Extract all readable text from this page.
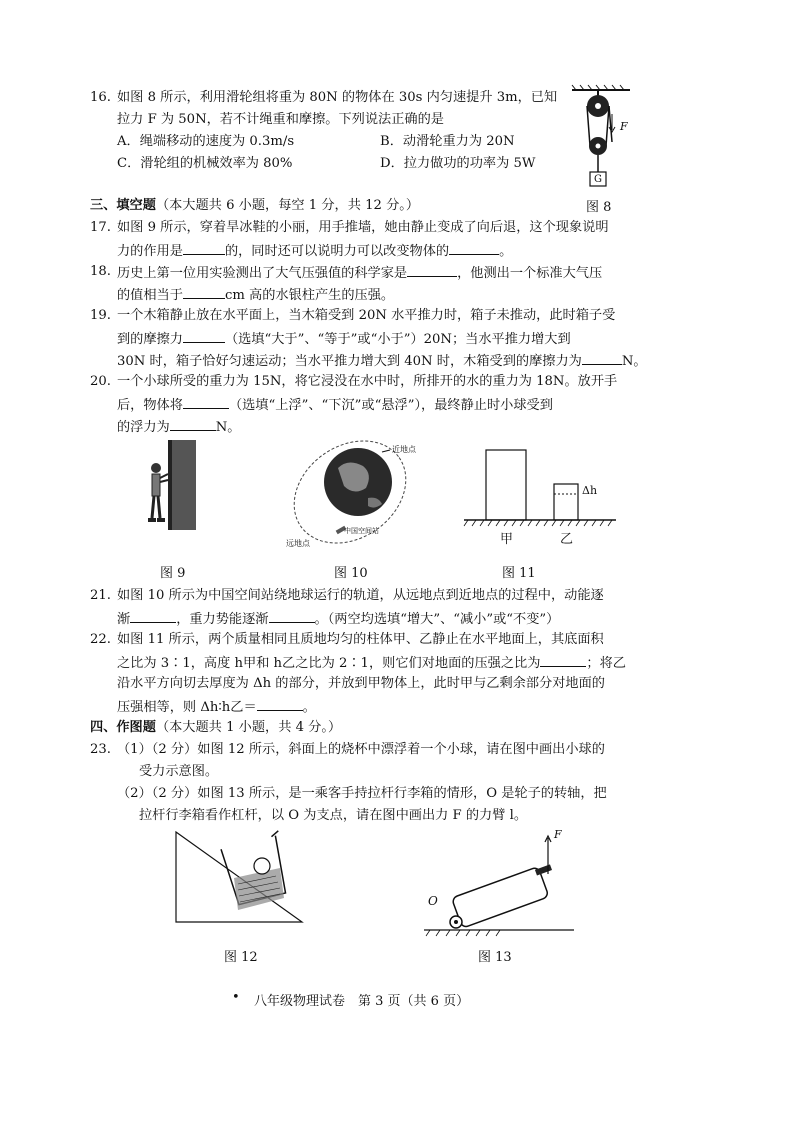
16. 如图 8 所示，利用滑轮组将重为 80N 的物体在 30s 内匀速提升 3m，已知
拉力 F 为 50N，若不计绳重和摩擦。下列说法正确的是
A．绳端移动的速度为 0.3m/s	B．动滑轮重力为 20N
C．滑轮组的机械效率为 80%	D．拉力做功的功率为 5W
F
G
图 8
三、填空题（本大题共 6 小题，每空 1 分，共 12 分。）
17. 如图 9 所示，穿着旱冰鞋的小丽，用手推墙，她由静止变成了向后退，这个现象说明
力的作用是	的，同时还可以说明力可以改变物体的	。
18. 历史上第一位用实验测出了大气压强值的科学家是	，他测出一个标准大气压
的值相当于	cm 高的水银柱产生的压强。
19. 一个木箱静止放在水平面上，当木箱受到 20N 水平推力时，箱子未推动，此时箱子受
到的摩擦力	（选填“大于”、“等于”或“小于”）20N；当水平推力增大到
30N 时，箱子恰好匀速运动；当水平推力增大到 40N 时，木箱受到的摩擦力为	N。
20. 一个小球所受的重力为 15N，将它浸没在水中时，所排开的水的重力为 18N。放开手
后，物体将	（选填“上浮”、“下沉”或“悬浮”），最终静止时小球受到
的浮力为	N。
图 9
近地点
中国空间站
远地点
图 10
Δh
甲	乙
图 11
21. 如图 10 所示为中国空间站绕地球运行的轨道，从远地点到近地点的过程中，动能逐
渐	，重力势能逐渐	。（两空均选填“增大”、“减小”或“不变”）
22. 如图 11 所示，两个质量相同且质地均匀的柱体甲、乙静止在水平地面上，其底面积
之比为 3∶1，高度 h甲和 h乙之比为 2∶1，则它们对地面的压强之比为	；将乙
沿水平方向切去厚度为 Δh 的部分，并放到甲物体上，此时甲与乙剩余部分对地面的
压强相等，则 Δh∶h乙＝	。
四、作图题（本大题共 1 小题，共 4 分。）
23. （1）（2 分）如图 12 所示，斜面上的烧杯中漂浮着一个小球，请在图中画出小球的
受力示意图。
（2）（2 分）如图 13 所示，是一乘客手持拉杆行李箱的情形，O 是轮子的转轴，把
拉杆行李箱看作杠杆，以 O 为支点，请在图中画出力 F 的力臂 l。
图 12
O
F
图 13
• 八年级物理试卷　第 3 页（共 6 页）
